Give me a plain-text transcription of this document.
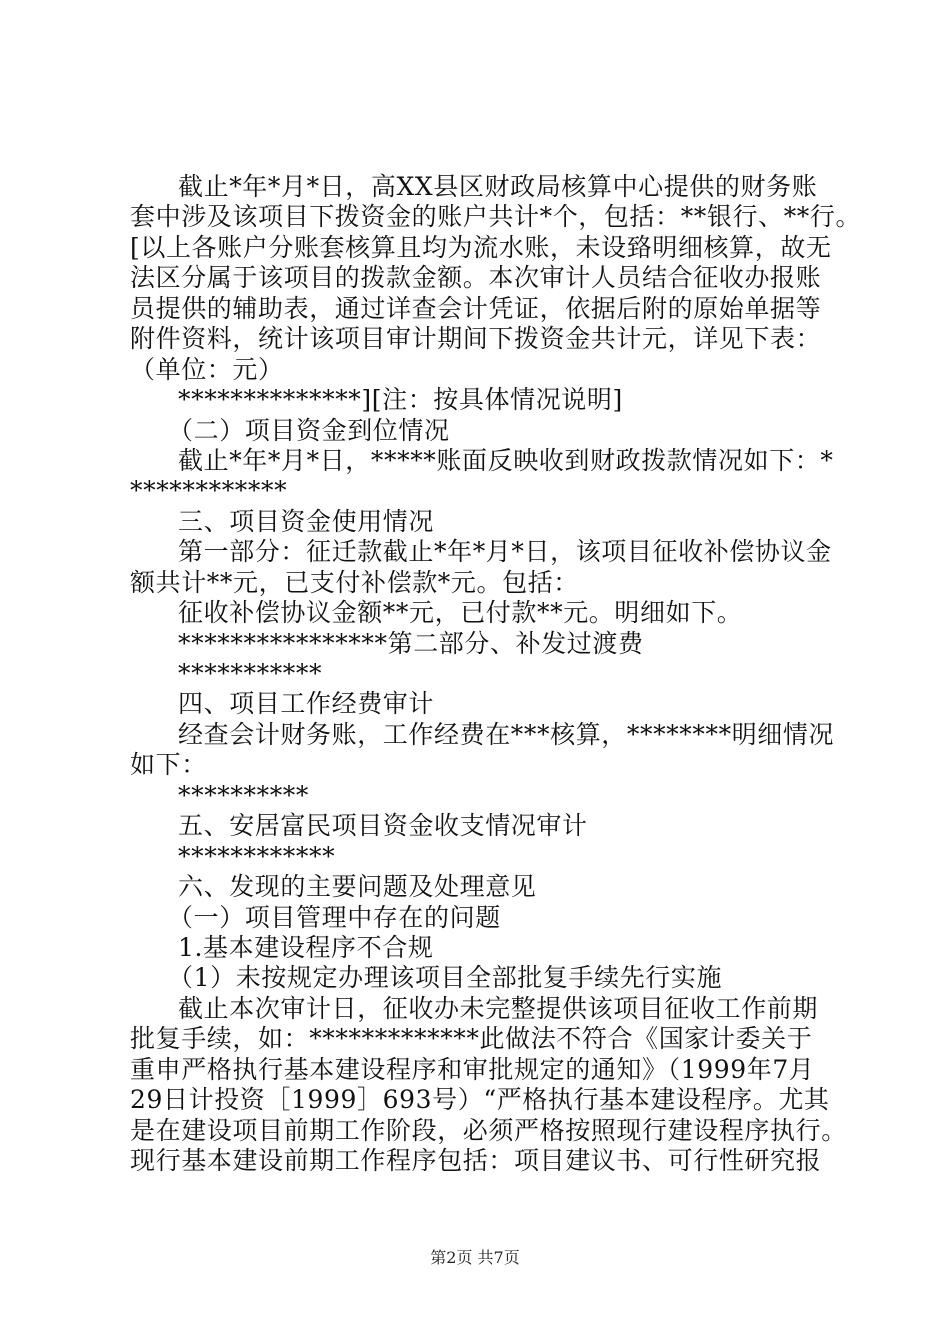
截止*年*月*日，高XX县区财政局核算中心提供的财务账
套中涉及该项目下拨资金的账户共计*个，包括：**银行、**行。
[以上各账户分账套核算且均为流水账，未设臵明细核算，故无
法区分属于该项目的拨款金额。本次审计人员结合征收办报账
员提供的辅助表，通过详查会计凭证，依据后附的原始单据等
附件资料，统计该项目审计期间下拨资金共计元，详见下表：
（单位：元）
**************][注：按具体情况说明]
（二）项目资金到位情况
截止*年*月*日，*****账面反映收到财政拨款情况如下：*
************
三、项目资金使用情况
第一部分：征迁款截止*年*月*日，该项目征收补偿协议金
额共计**元，已支付补偿款*元。包括：
征收补偿协议金额**元，已付款**元。明细如下。
****************第二部分、补发过渡费
***********
四、项目工作经费审计
经查会计财务账，工作经费在***核算，********明细情况
如下：
**********
五、安居富民项目资金收支情况审计
************
六、发现的主要问题及处理意见
（一）项目管理中存在的问题
1.基本建设程序不合规
（1）未按规定办理该项目全部批复手续先行实施
截止本次审计日，征收办未完整提供该项目征收工作前期
批复手续，如：*************此做法不符合《国家计委关于
重申严格执行基本建设程序和审批规定的通知》（1999年7月
29日计投资［1999］693号）“严格执行基本建设程序。尤其
是在建设项目前期工作阶段，必须严格按照现行建设程序执行。
现行基本建设前期工作程序包括：项目建议书、可行性研究报
第2页 共7页
